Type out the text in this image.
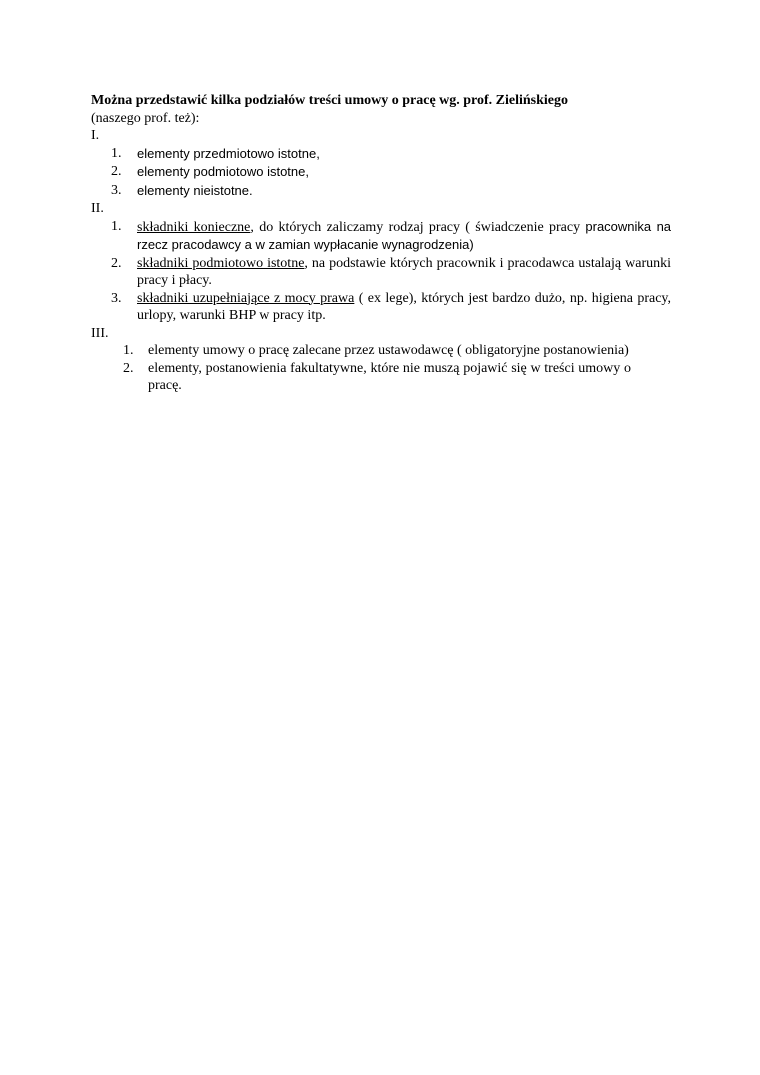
Można przedstawić kilka podziałów treści umowy o pracę wg. prof. Zielińskiego
(naszego prof. też):
I.
1. elementy przedmiotowo istotne,
2. elementy podmiotowo istotne,
3. elementy nieistotne.
II.
1. składniki konieczne, do których zaliczamy rodzaj pracy ( świadczenie pracy pracownika na rzecz pracodawcy a w zamian wypłacanie wynagrodzenia)
2. składniki podmiotowo istotne, na podstawie których pracownik i pracodawca ustalają warunki pracy i płacy.
3. składniki uzupełniające z mocy prawa ( ex lege), których jest bardzo dużo, np. higiena pracy, urlopy, warunki BHP w pracy itp.
III.
1. elementy umowy o pracę zalecane przez ustawodawcę ( obligatoryjne postanowienia)
2. elementy, postanowienia fakultatywne, które nie muszą pojawić się w treści umowy opracę.
